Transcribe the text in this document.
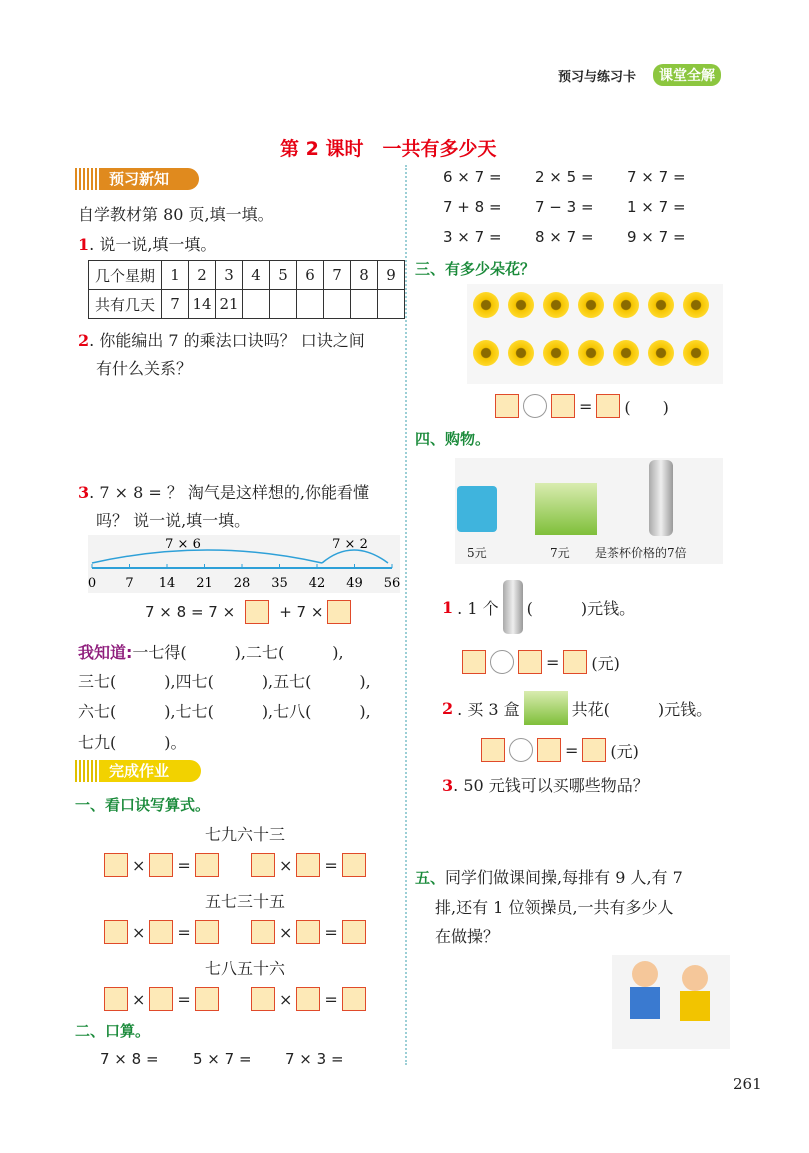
预习与练习卡	课堂全解
第 2 课时　一共有多少天
预习新知
自学教材第 80 页,填一填。
1. 说一说,填一填。
几个星期	1	2	3	4	5	6	7	8	9
共有几天	7	14	21						
2. 你能编出 7 的乘法口诀吗？ 口诀之间
有什么关系？
3. 7 × 8 = ？ 淘气是这样想的,你能看懂
吗？ 说一说,填一填。
7 × 6	7 × 2
0 7 14 21 28 35 42 49 56
7 × 8 = 7 ×	+ 7 ×
我知道:一七得(　　　),二七(　　　),
三七(　　　),四七(　　　),五七(　　　),
六七(　　　),七七(　　　),七八(　　　),
七九(　　　)。
完成作业
一、看口诀写算式。
七九六十三
× =	× =
五七三十五
× =	× =
七八五十六
× =	× =
二、口算。
7 × 8 = 5 × 7 = 7 × 3 =
6 × 7 = 2 × 5 = 7 × 7 =
7 + 8 = 7 − 3 = 1 × 7 =
3 × 7 = 8 × 7 = 9 × 7 =
三、有多少朵花？
= (　　)
四、购物。
5元	7元 是茶杯价格的7倍
1 . 1 个 (　　　)元钱。
= (元)
2 . 买 3 盒	共花(　　　)元钱。
= (元)
3. 50 元钱可以买哪些物品？
五、同学们做课间操,每排有 9 人,有 7
排,还有 1 位领操员,一共有多少人
在做操？
261
